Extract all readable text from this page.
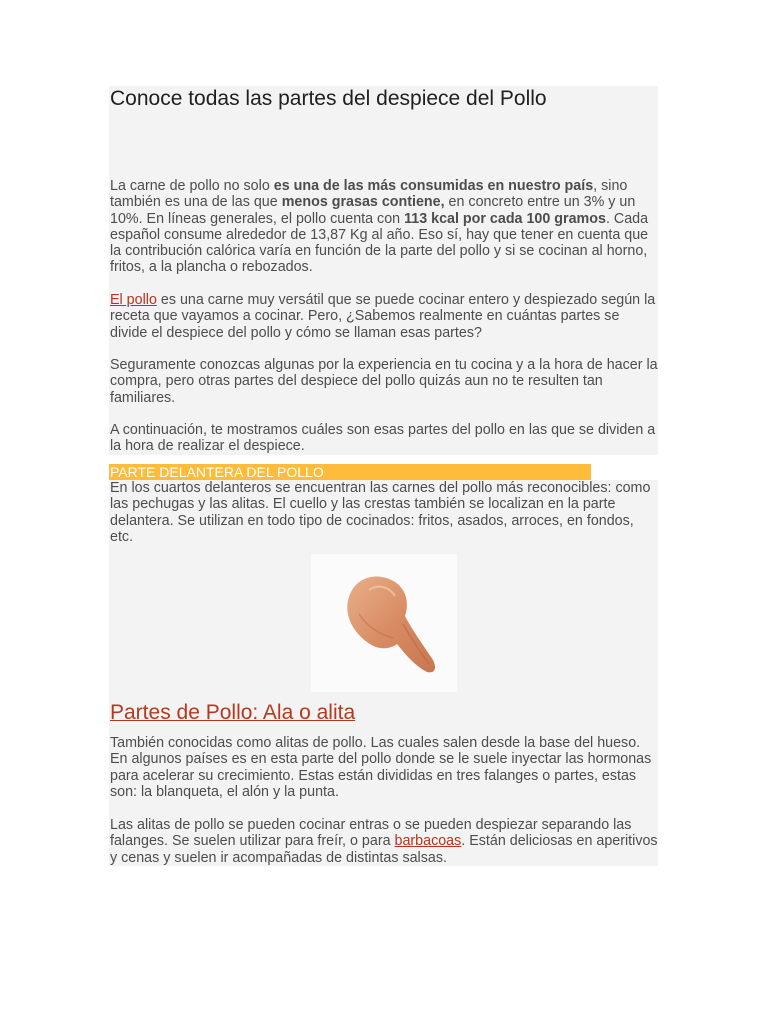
Conoce todas las partes del despiece del Pollo

La carne de pollo no solo es una de las más consumidas en nuestro país, sino también es una de las que menos grasas contiene, en concreto entre un 3% y un 10%. En líneas generales, el pollo cuenta con 113 kcal por cada 100 gramos. Cada español consume alrededor de 13,87 Kg al año. Eso sí, hay que tener en cuenta que la contribución calórica varía en función de la parte del pollo y si se cocinan al horno, fritos, a la plancha o rebozados.

El pollo es una carne muy versátil que se puede cocinar entero y despiezado según la receta que vayamos a cocinar. Pero, ¿Sabemos realmente en cuántas partes se divide el despiece del pollo y cómo se llaman esas partes?

Seguramente conozcas algunas por la experiencia en tu cocina y a la hora de hacer la compra, pero otras partes del despiece del pollo quizás aun no te resulten tan familiares.

A continuación, te mostramos cuáles son esas partes del pollo en las que se dividen a la hora de realizar el despiece.

PARTE DELANTERA DEL POLLO

En los cuartos delanteros se encuentran las carnes del pollo más reconocibles: como las pechugas y las alitas. El cuello y las crestas también se localizan en la parte delantera. Se utilizan en todo tipo de cocinados: fritos, asados, arroces, en fondos, etc.

Partes de Pollo: Ala o alita

También conocidas como alitas de pollo. Las cuales salen desde la base del hueso. En algunos países es en esta parte del pollo donde se le suele inyectar las hormonas para acelerar su crecimiento. Estas están divididas en tres falanges o partes, estas son: la blanqueta, el alón y la punta.

Las alitas de pollo se pueden cocinar entras o se pueden despiezar separando las falanges. Se suelen utilizar para freír, o para barbacoas. Están deliciosas en aperitivos y cenas y suelen ir acompañadas de distintas salsas.
